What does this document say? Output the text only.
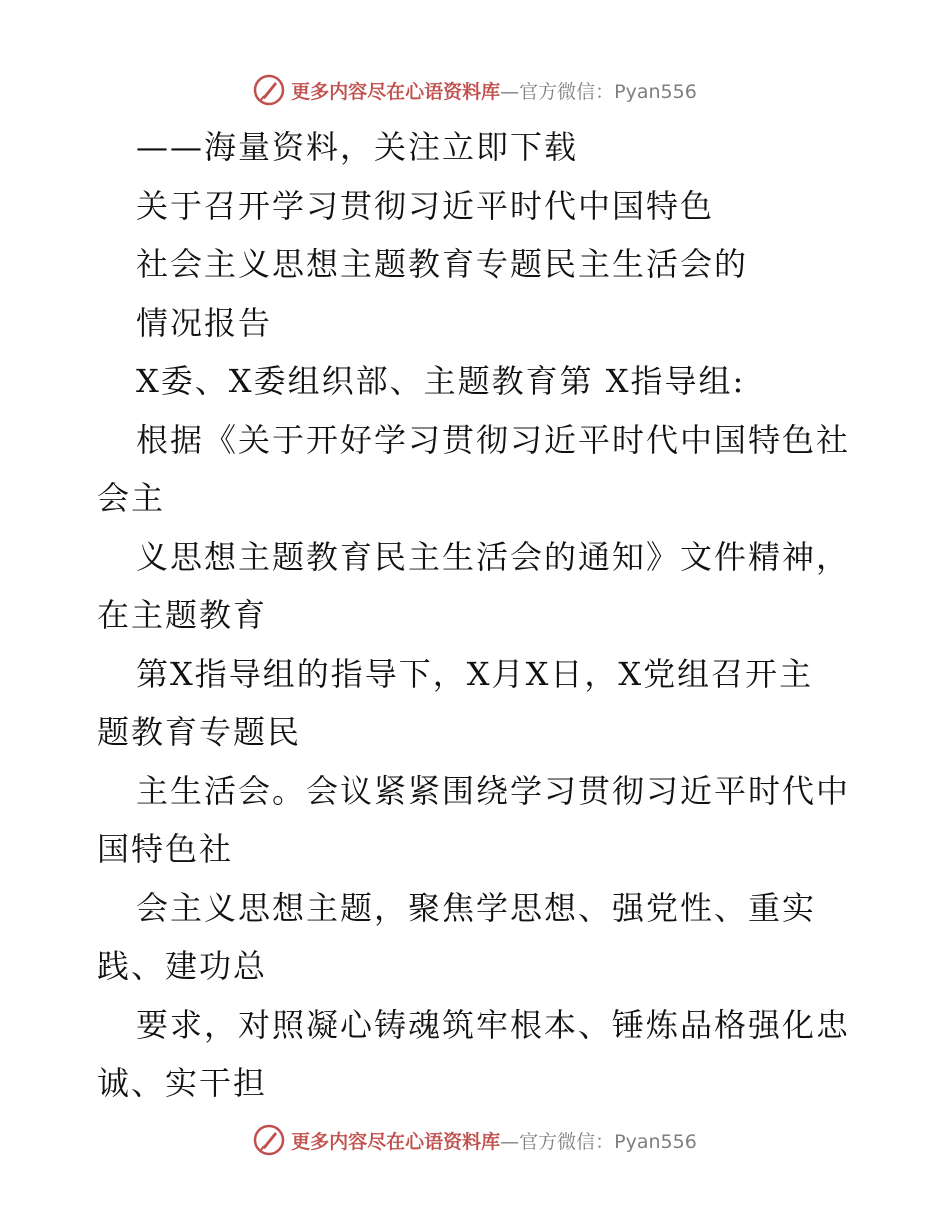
更多内容尽在心语资料库—官方微信：Pyan556
——海量资料，关注立即下载
关于召开学习贯彻习近平时代中国特色
社会主义思想主题教育专题民主生活会的
情况报告
X委、X委组织部、主题教育第 X指导组:
根据《关于开好学习贯彻习近平时代中国特色社
会主
义思想主题教育民主生活会的通知》文件精神，
在主题教育
第X指导组的指导下，X月X日，X党组召开主
题教育专题民
主生活会。会议紧紧围绕学习贯彻习近平时代中
国特色社
会主义思想主题，聚焦学思想、强党性、重实
践、建功总
要求，对照凝心铸魂筑牢根本、锤炼品格强化忠
诚、实干担
更多内容尽在心语资料库—官方微信：Pyan556
